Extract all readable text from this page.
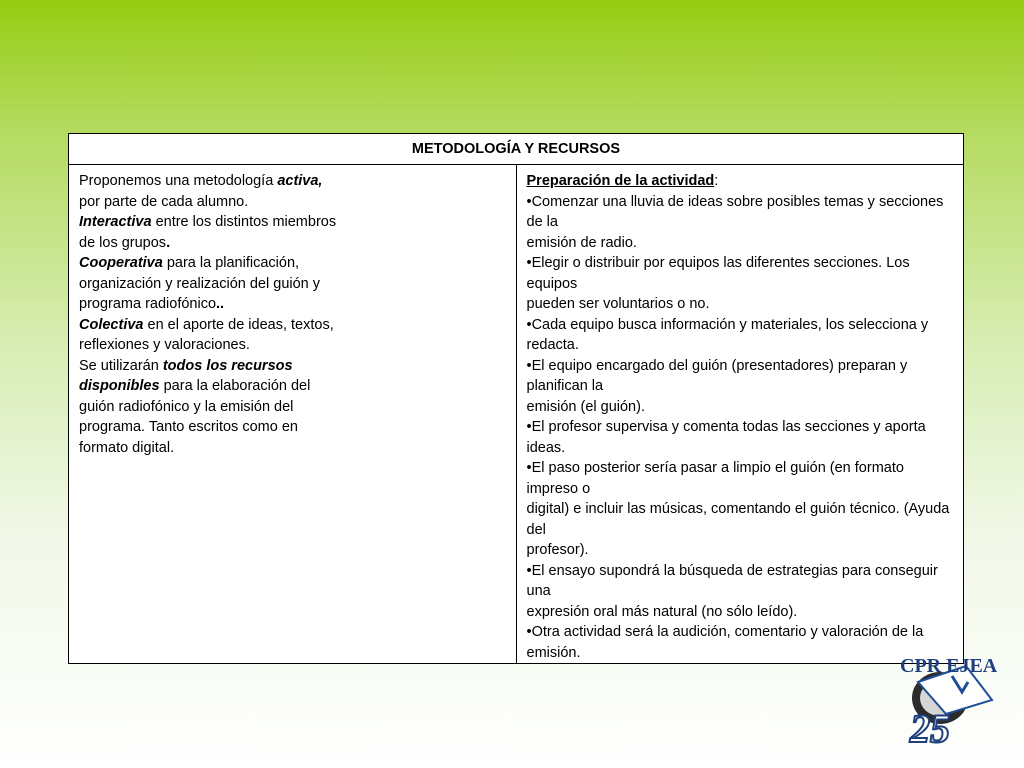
METODOLOGÍA Y RECURSOS

Proponemos una metodología activa,
por parte de cada alumno.
Interactiva entre los distintos miembros
de los grupos.
Cooperativa para la planificación,
organización y realización del guión y
programa radiofónico..
Colectiva en el aporte de ideas, textos,
reflexiones y valoraciones.
Se utilizarán todos los recursos
disponibles para la elaboración del
guión radiofónico y la emisión del
programa. Tanto escritos como en
formato digital.

Preparación de la actividad:
•Comenzar una lluvia de ideas sobre posibles temas y secciones de la
emisión de radio.
•Elegir o distribuir por equipos las diferentes secciones. Los equipos
pueden ser voluntarios o no.
•Cada equipo busca información y materiales, los selecciona y redacta.
•El equipo encargado del guión (presentadores) preparan y planifican la
emisión (el guión).
•El profesor supervisa y comenta todas las secciones y aporta ideas.
•El paso posterior sería pasar a limpio el guión (en formato impreso o
digital) e incluir las músicas, comentando el guión técnico. (Ayuda del
profesor).
•El ensayo supondrá la búsqueda de estrategias para conseguir una
expresión oral más natural (no sólo leído).
•Otra actividad será la audición, comentario y valoración de la emisión.
CPR EJEA
25
